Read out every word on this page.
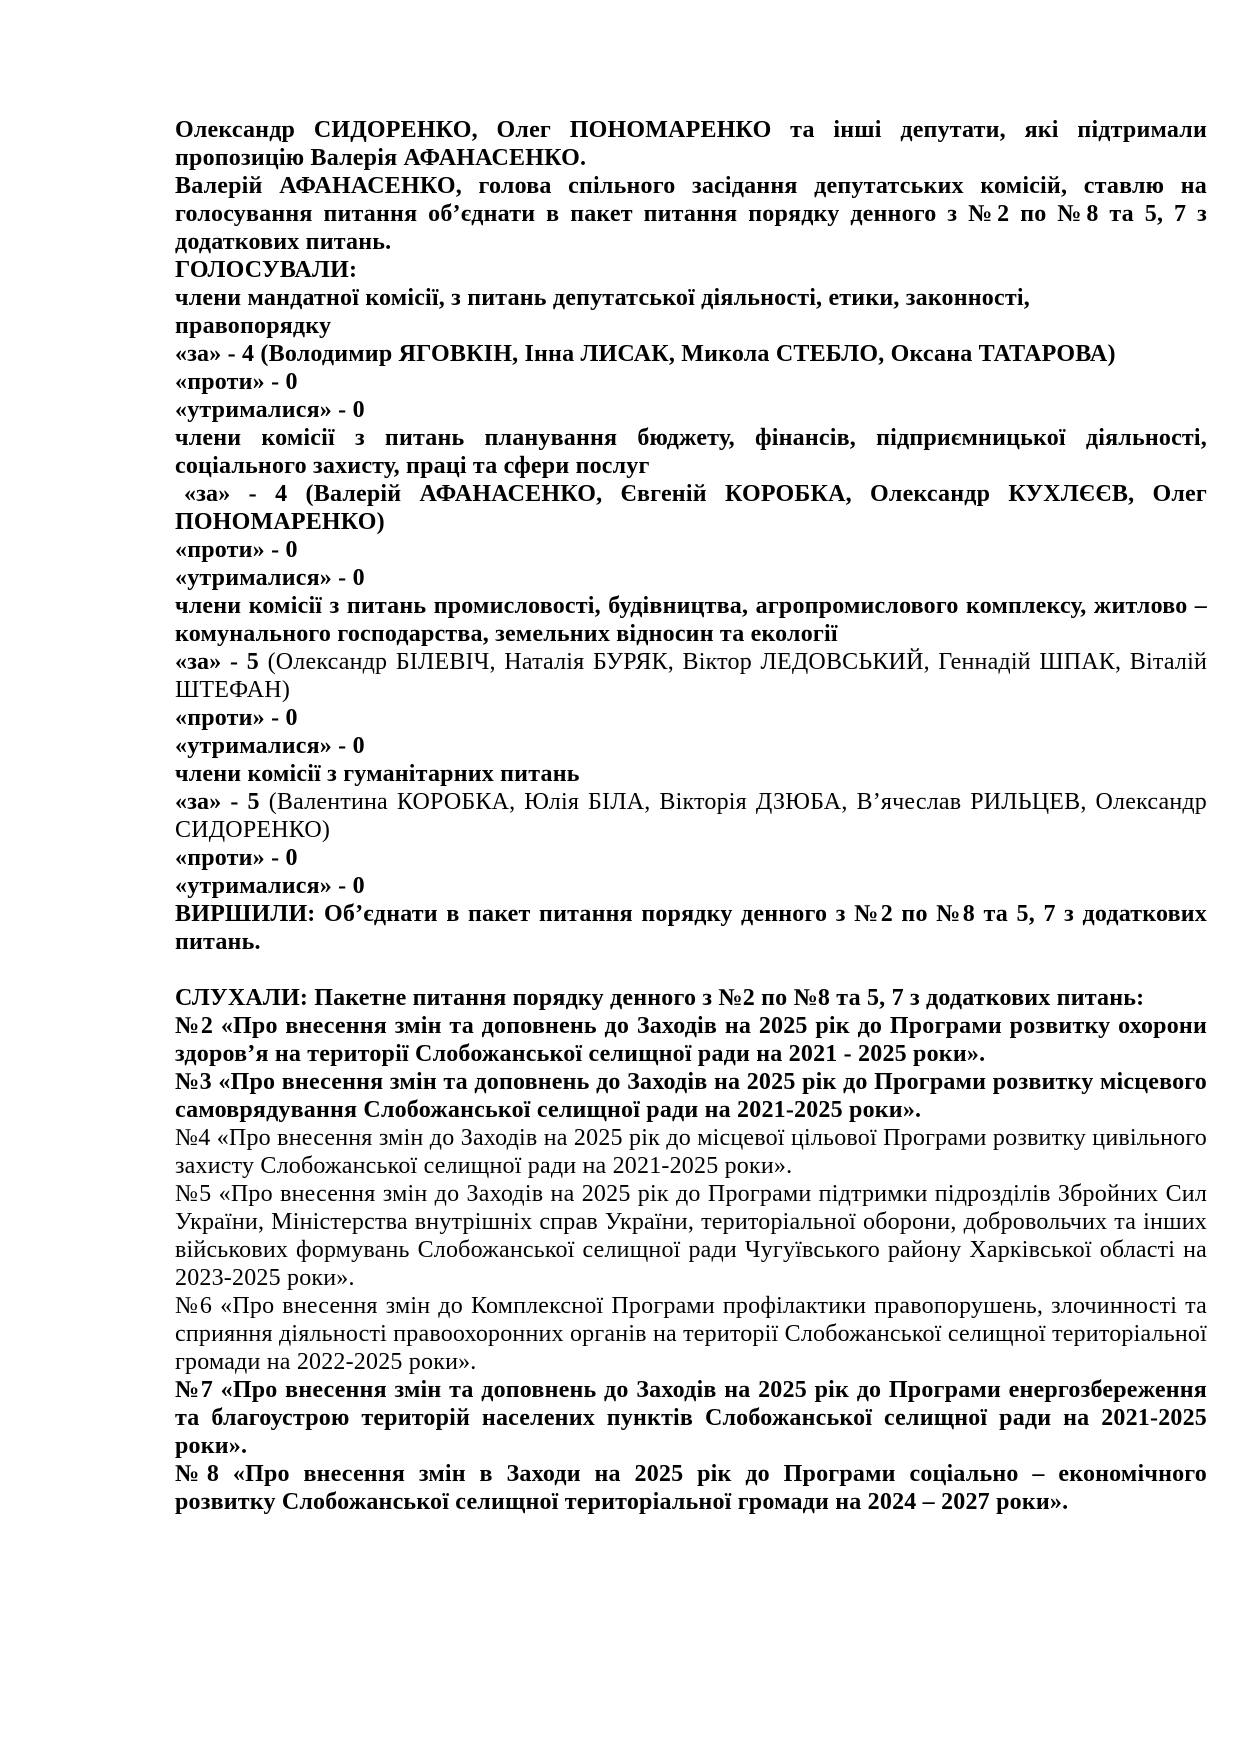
Олександр СИДОРЕНКО, Олег ПОНОМАРЕНКО та інші депутати, які підтримали пропозицію Валерія АФАНАСЕНКО.

Валерій АФАНАСЕНКО, голова спільного засідання депутатських комісій, ставлю на голосування питання об’єднати в пакет питання порядку денного з №2 по №8 та 5, 7 з додаткових питань.

ГОЛОСУВАЛИ:

члени мандатної комісії, з питань депутатської діяльності, етики, законності,
правопорядку

«за» - 4 (Володимир ЯГОВКІН, Інна ЛИСАК, Микола СТЕБЛО, Оксана ТАТАРОВА)

«проти» - 0

«утрималися» - 0

члени комісії з питань планування бюджету, фінансів, підприємницької діяльності, соціального захисту, праці та сфери послуг

«за» - 4 (Валерій АФАНАСЕНКО, Євгеній КОРОБКА, Олександр КУХЛЄЄВ, Олег ПОНОМАРЕНКО)

«проти» - 0

«утрималися» - 0

члени комісії з питань промисловості, будівництва, агропромислового комплексу, житлово – комунального господарства, земельних відносин та екології

«за» - 5 (Олександр БІЛЕВІЧ, Наталія БУРЯК, Віктор ЛЕДОВСЬКИЙ, Геннадій ШПАК, Віталій ШТЕФАН)

«проти» - 0

«утрималися» - 0

члени комісії з гуманітарних питань

«за» - 5 (Валентина КОРОБКА, Юлія БІЛА, Вікторія ДЗЮБА, В’ячеслав РИЛЬЦЕВ, Олександр СИДОРЕНКО)

«проти» - 0

«утрималися» - 0

ВИРШИЛИ: Об’єднати в пакет питання порядку денного з №2 по №8 та 5, 7 з додаткових питань.

СЛУХАЛИ: Пакетне питання порядку денного з №2 по №8 та 5, 7 з додаткових питань:

№2 «Про внесення змін та доповнень до Заходів на 2025 рік до Програми розвитку охорони здоров’я на території Слобожанської селищної ради на 2021 - 2025 роки».

№3 «Про внесення змін та доповнень до Заходів на 2025 рік до Програми розвитку місцевого самоврядування Слобожанської селищної ради на 2021-2025 роки».

№4 «Про внесення змін до Заходів на 2025 рік до місцевої цільової Програми розвитку цивільного захисту Слобожанської селищної ради на 2021-2025 роки».

№5 «Про внесення змін до Заходів на 2025 рік до Програми підтримки підрозділів Збройних Сил України, Міністерства внутрішніх справ України, територіальної оборони, добровольчих та інших військових формувань Слобожанської селищної ради Чугуївського району Харківської області на 2023-2025 роки».

№6 «Про внесення змін до Комплексної Програми профілактики правопорушень, злочинності та сприяння діяльності правоохоронних органів на території Слобожанської селищної територіальної громади на 2022-2025 роки».

№7 «Про внесення змін та доповнень до Заходів на 2025 рік до Програми енергозбереження та благоустрою територій населених пунктів Слобожанської селищної ради на 2021-2025 роки».

№8 «Про внесення змін в Заходи на 2025 рік до Програми соціально – економічного розвитку Слобожанської селищної територіальної громади на 2024 – 2027 роки».
